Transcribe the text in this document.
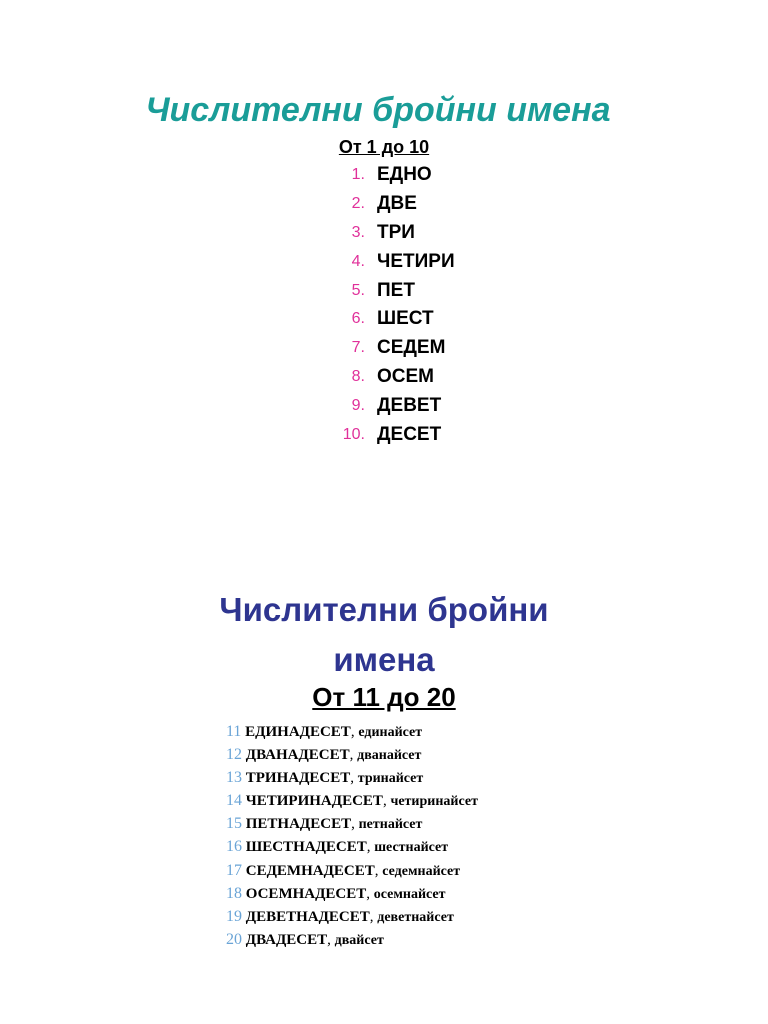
Числителни бройни имена
От 1 до 10
1. ЕДНО
2. ДВЕ
3. ТРИ
4. ЧЕТИРИ
5. ПЕТ
6. ШЕСТ
7. СЕДЕМ
8. ОСЕМ
9. ДЕВЕТ
10. ДЕСЕТ
Числителни бройни
имена
От 11 до 20
11 ЕДИНАДЕСЕТ, единайсет
12 ДВАНАДЕСЕТ, дванайсет
13 ТРИНАДЕСЕТ, тринайсет
14 ЧЕТИРИНАДЕСЕТ, четиринайсет
15 ПЕТНАДЕСЕТ, петнайсет
16 ШЕСТНАДЕСЕТ, шестнайсет
17 СЕДЕМНАДЕСЕТ, седемнайсет
18 ОСЕМНАДЕСЕТ, осемнайсет
19 ДЕВЕТНАДЕСЕТ, деветнайсет
20 ДВАДЕСЕТ, двайсет
